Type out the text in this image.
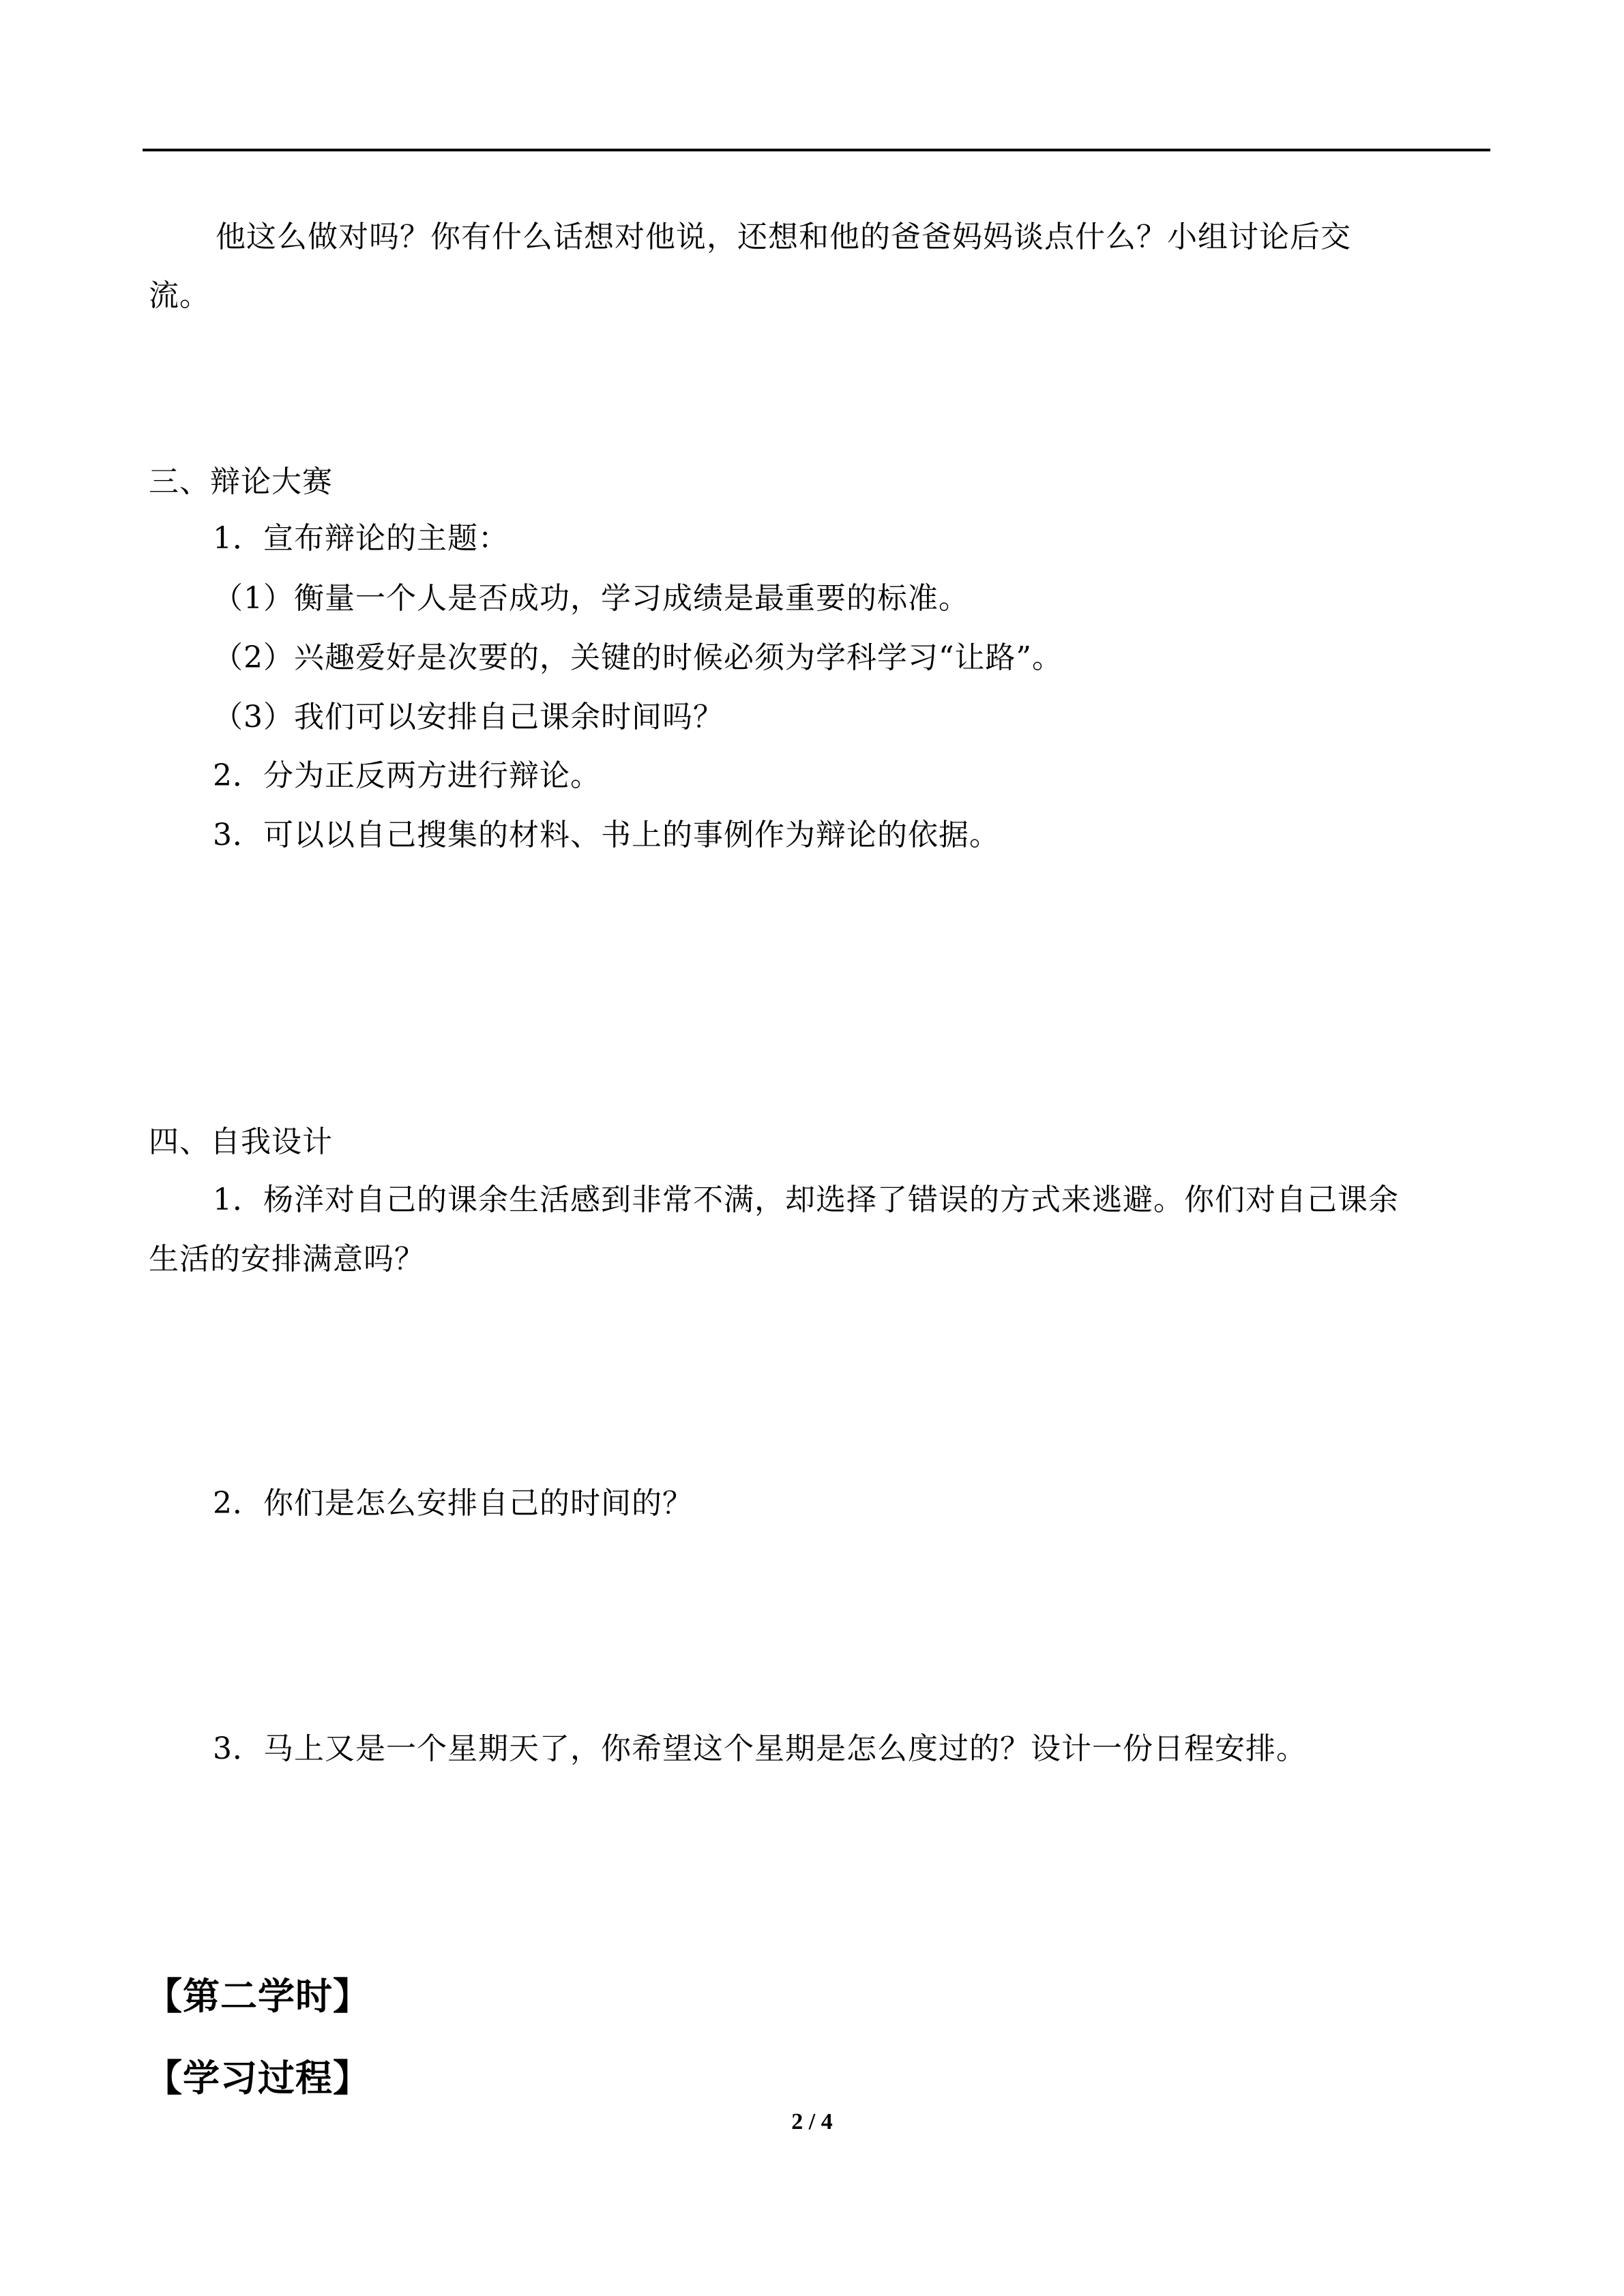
他这么做对吗？你有什么话想对他说，还想和他的爸爸妈妈谈点什么？小组讨论后交
流。
三、辩论大赛
1．宣布辩论的主题：
（1）衡量一个人是否成功，学习成绩是最重要的标准。
（2）兴趣爱好是次要的，关键的时候必须为学科学习“让路”。
（3）我们可以安排自己课余时间吗？
2．分为正反两方进行辩论。
3．可以以自己搜集的材料、书上的事例作为辩论的依据。
四、自我设计
1．杨洋对自己的课余生活感到非常不满，却选择了错误的方式来逃避。你们对自己课余
生活的安排满意吗？
2．你们是怎么安排自己的时间的？
3．马上又是一个星期天了，你希望这个星期是怎么度过的？设计一份日程安排。
【第二学时】
【学习过程】
2 / 4
